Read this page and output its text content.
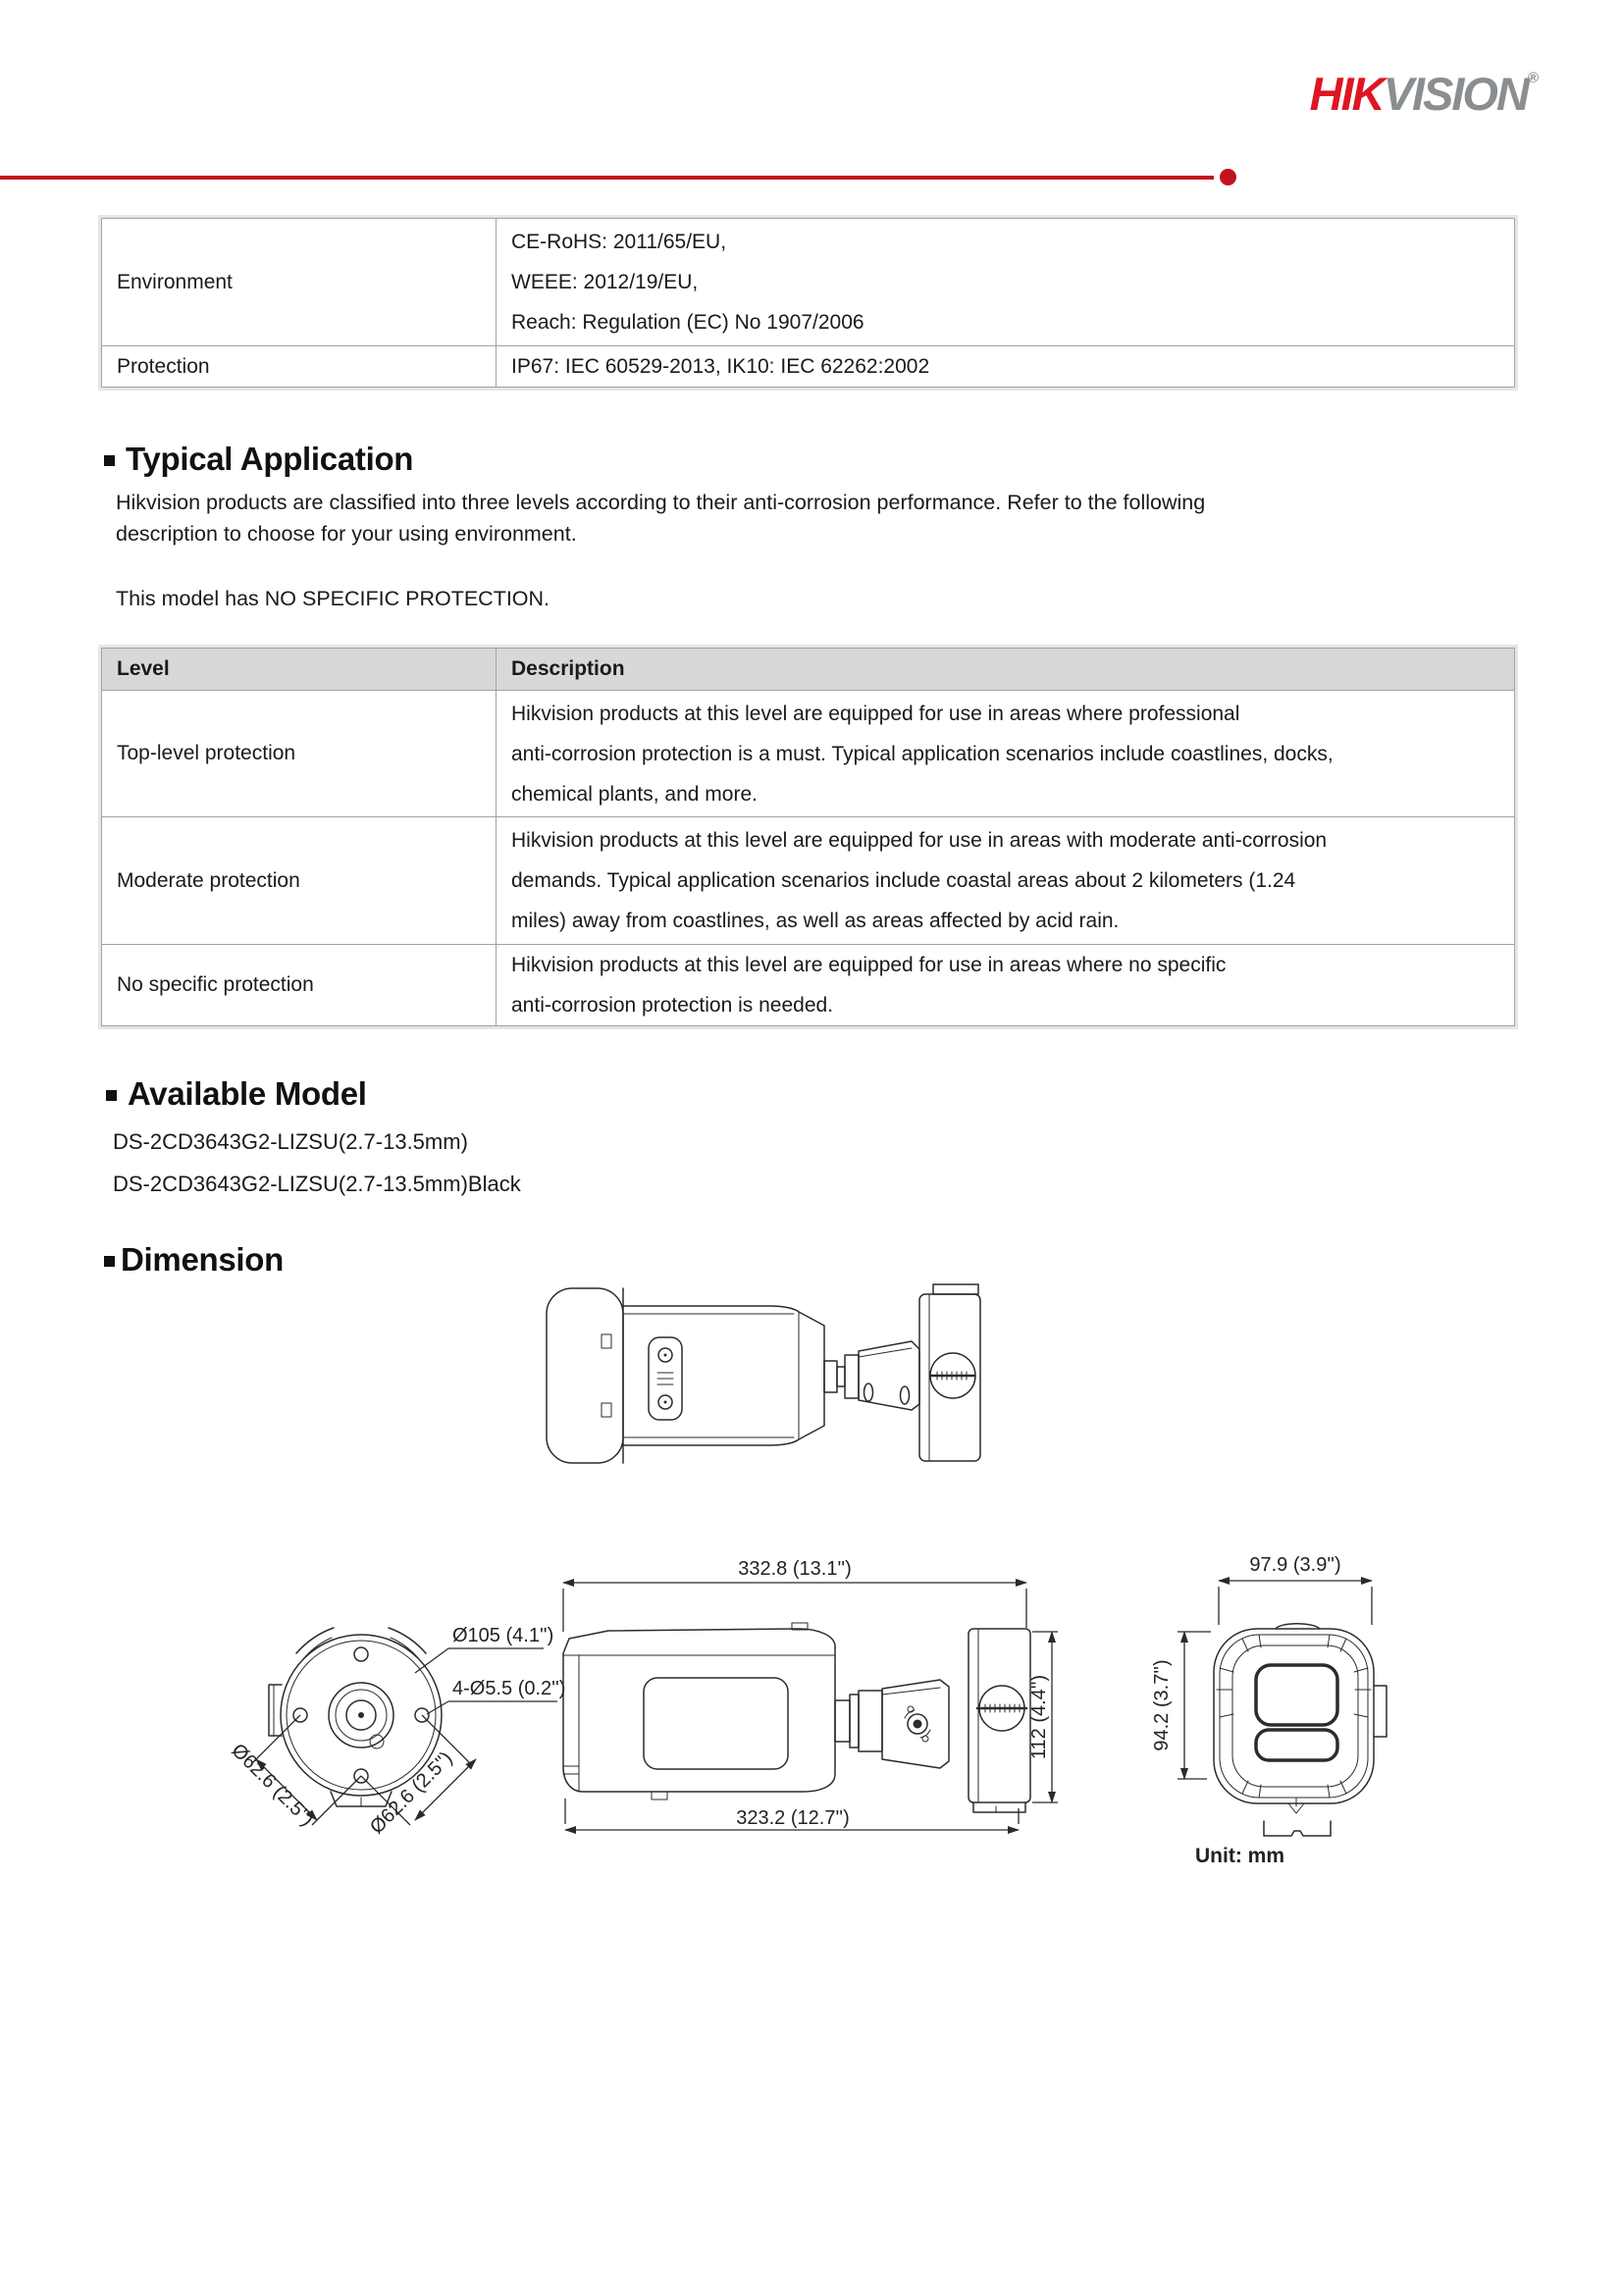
HIKVISION®
Environment	CE-RoHS: 2011/65/EU,
WEEE: 2012/19/EU,
Reach: Regulation (EC) No 1907/2006

Protection	IP67: IEC 60529-2013, IK10: IEC 62262:2002
Typical Application
Hikvision products are classified into three levels according to their anti-corrosion performance. Refer to the following
description to choose for your using environment.
This model has NO SPECIFIC PROTECTION.
Level	Description
Top-level protection	Hikvision products at this level are equipped for use in areas where professional
anti-corrosion protection is a must. Typical application scenarios include coastlines, docks,
chemical plants, and more.

Moderate protection	Hikvision products at this level are equipped for use in areas with moderate anti-corrosion
demands. Typical application scenarios include coastal areas about 2 kilometers (1.24
miles) away from coastlines, as well as areas affected by acid rain.

No specific protection	Hikvision products at this level are equipped for use in areas where no specific
anti-corrosion protection is needed.
Available Model
DS-2CD3643G2-LIZSU(2.7-13.5mm)
DS-2CD3643G2-LIZSU(2.7-13.5mm)Black
Dimension
Ø105 (4.1'')
4-Ø5.5 (0.2'')
Ø62.6 (2.5'') Ø62.6 (2.5'')
332.8 (13.1'')
323.2 (12.7'')
112 (4.4'')
97.9 (3.9'')
94.2 (3.7'')
Unit: mm
